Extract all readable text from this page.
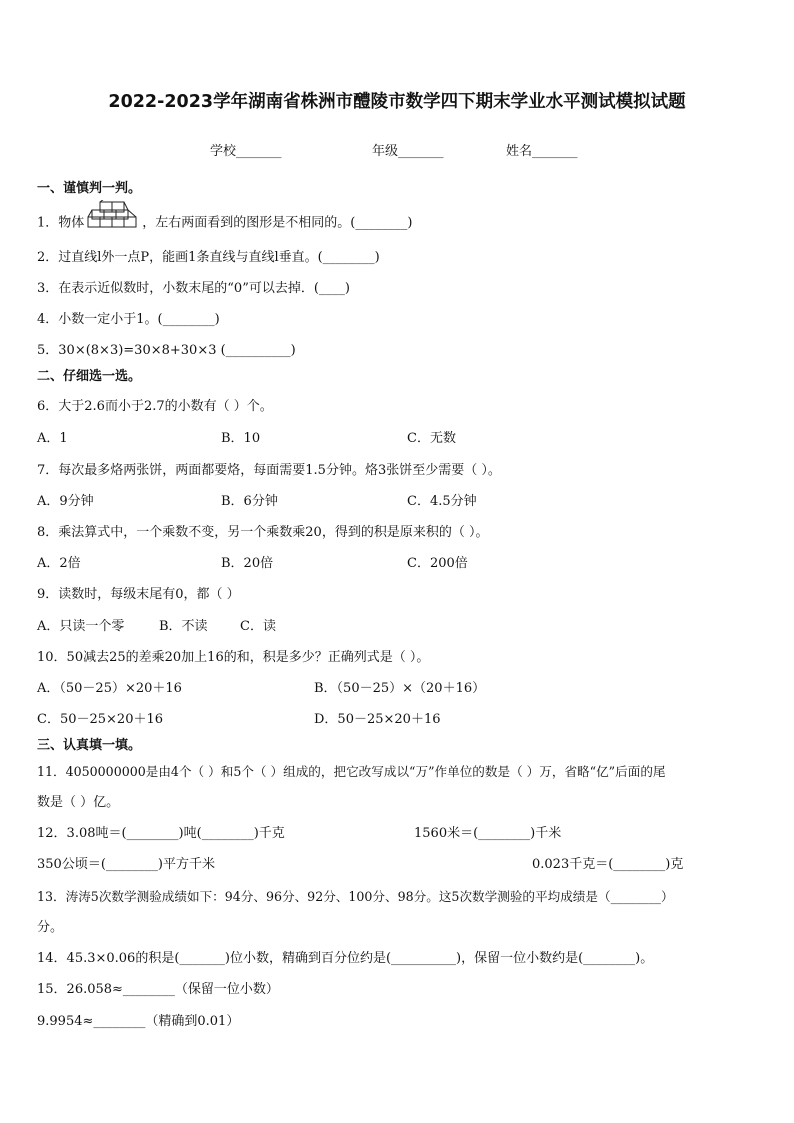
2022-2023学年湖南省株洲市醴陵市数学四下期末学业水平测试模拟试题
学校_______	年级_______	姓名_______
一、谨慎判一判。
1．物体	，左右两面看到的图形是不相同的。(________)
2．过直线l外一点P，能画1条直线与直线l垂直。(________)
3．在表示近似数时，小数末尾的“0”可以去掉．(____)
4．小数一定小于1。(________)
5．30×(8×3)=30×8+30×3 (__________)
二、仔细选一选。
6．大于2.6而小于2.7的小数有（ ）个。
A．1	B．10	C．无数
7．每次最多烙两张饼，两面都要烙，每面需要1.5分钟。烙3张饼至少需要（ ）。
A．9分钟	B．6分钟	C．4.5分钟
8．乘法算式中，一个乘数不变，另一个乘数乘20，得到的积是原来积的（ ）。
A．2倍	B．20倍	C．200倍
9．读数时，每级末尾有0，都（ ）
A．只读一个零	B．不读 C．读
10．50减去25的差乘20加上16的和，积是多少？正确列式是（ ）。
A．（50－25）×20＋16	B．（50－25）×（20＋16）
C．50－25×20＋16	D．50－25×20＋16
三、认真填一填。
11．4050000000是由4个（ ）和5个（ ）组成的，把它改写成以“万”作单位的数是（ ）万，省略“亿”后面的尾
数是（ ）亿。
12．3.08吨＝(________)吨(________)千克	1560米＝(________)千米
350公顷＝(________)平方千米	0.023千克＝(________)克
13．涛涛5次数学测验成绩如下：94分、96分、92分、100分、98分。这5次数学测验的平均成绩是（________）
分。
14．45.3×0.06的积是(_______)位小数，精确到百分位约是(__________)，保留一位小数约是(________)。
15．26.058≈________（保留一位小数）
9.9954≈________（精确到0.01）
